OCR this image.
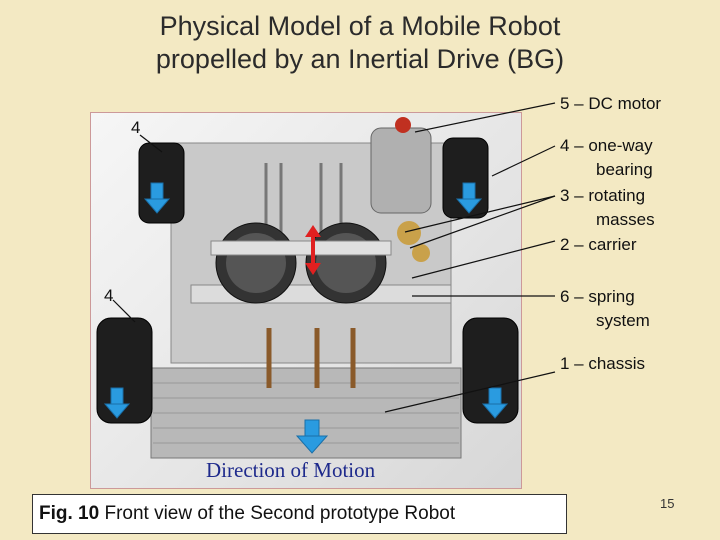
Physical Model of a Mobile Robot
propelled by an Inertial Drive (BG)
5 – DC motor
4 – one-way
bearing
3 – rotating
masses
2 – carrier
6 – spring
system
1 – chassis
4
4
Direction of Motion
Fig. 10 Front view of the Second prototype Robot	15
